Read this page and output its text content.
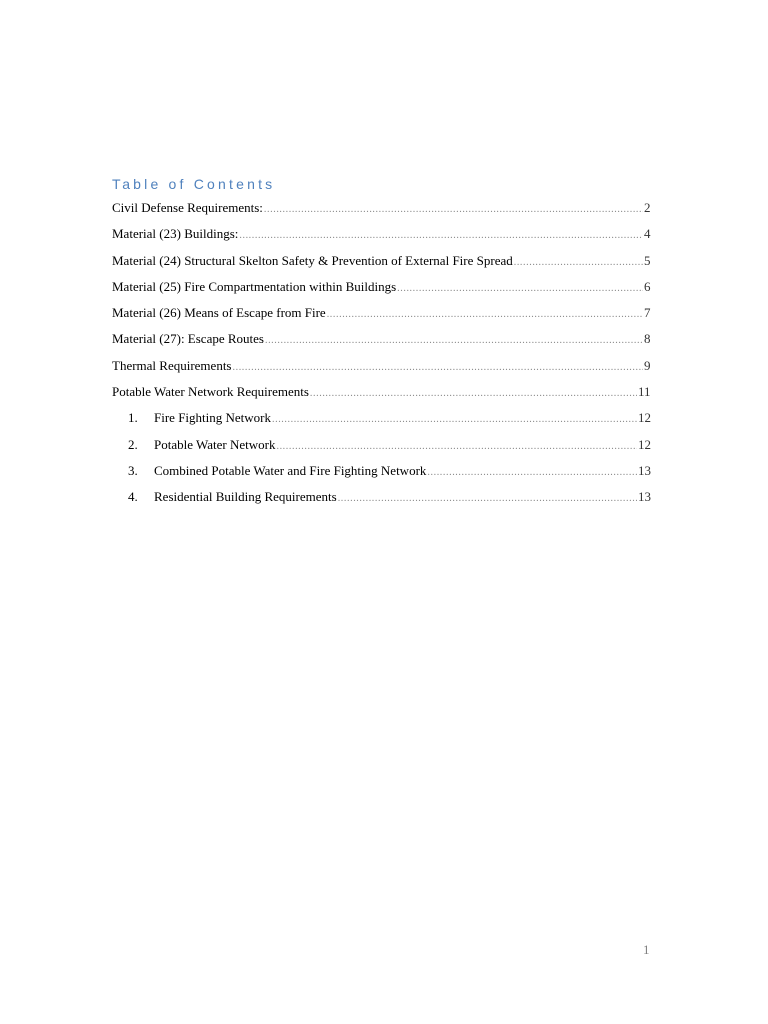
Table of Contents
Civil Defense Requirements: .....	2
Material (23) Buildings: .....	4
Material (24) Structural Skelton Safety & Prevention of External Fire Spread .....	5
Material (25) Fire Compartmentation within Buildings .....	6
Material (26) Means of Escape from Fire .....	7
Material (27): Escape Routes .....	8
Thermal Requirements .....	9
Potable Water Network Requirements .....	11
1.	Fire Fighting Network .....	12
2.	Potable Water Network .....	12
3.	Combined Potable Water and Fire Fighting Network .....	13
4.	Residential Building Requirements .....	13
1
